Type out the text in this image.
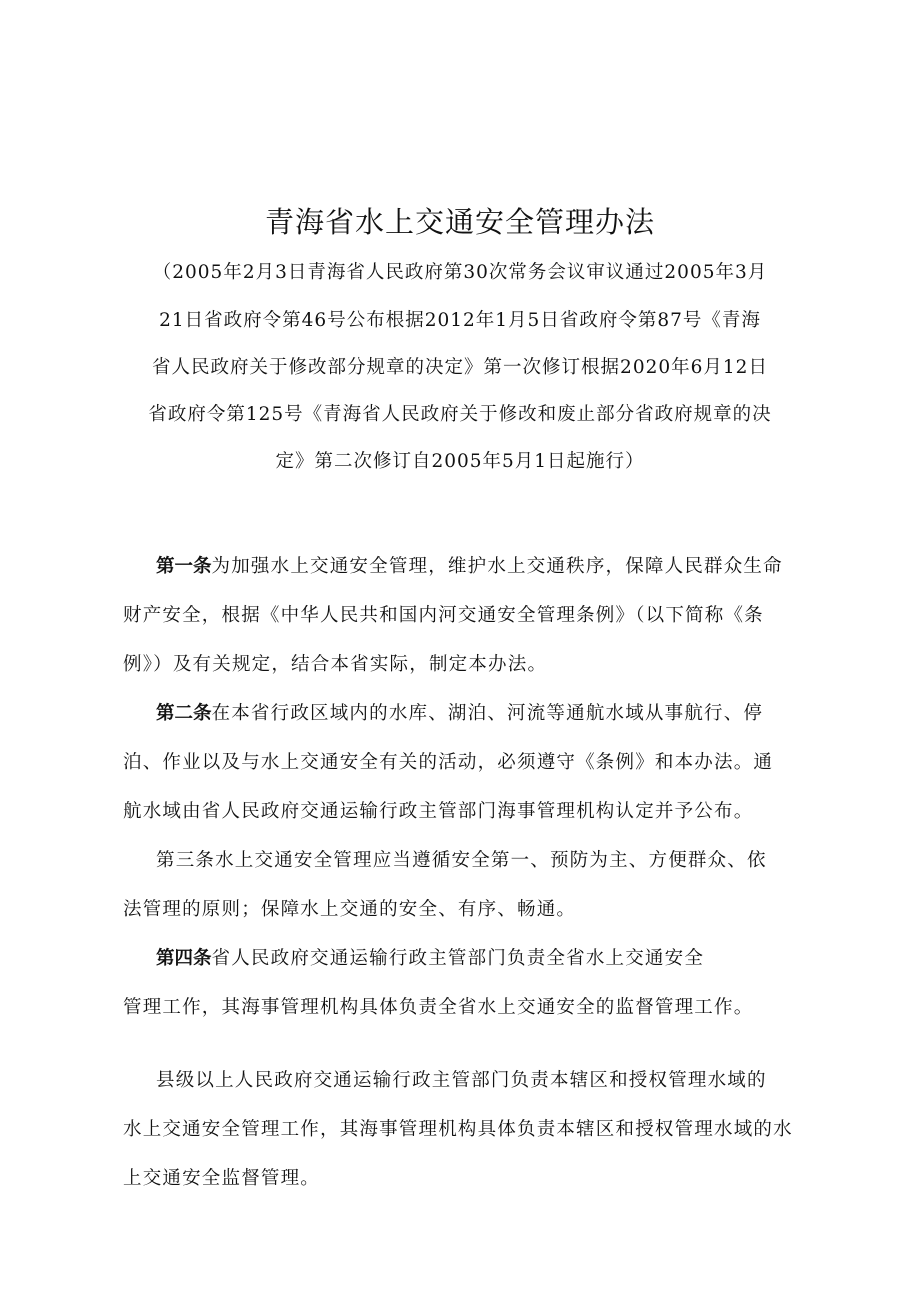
青海省水上交通安全管理办法
（2005年2月3日青海省人民政府第30次常务会议审议通过2005年3月
21日省政府令第46号公布根据2012年1月5日省政府令第87号《青海
省人民政府关于修改部分规章的决定》第一次修订根据2020年6月12日
省政府令第125号《青海省人民政府关于修改和废止部分省政府规章的决
定》第二次修订自2005年5月1日起施行）
第一条为加强水上交通安全管理，维护水上交通秩序，保障人民群众生命
财产安全，根据《中华人民共和国内河交通安全管理条例》（以下简称《条
例》）及有关规定，结合本省实际，制定本办法。
第二条在本省行政区域内的水库、湖泊、河流等通航水域从事航行、停
泊、作业以及与水上交通安全有关的活动，必须遵守《条例》和本办法。通
航水域由省人民政府交通运输行政主管部门海事管理机构认定并予公布。
第三条水上交通安全管理应当遵循安全第一、预防为主、方便群众、依
法管理的原则；保障水上交通的安全、有序、畅通。
第四条省人民政府交通运输行政主管部门负责全省水上交通安全
管理工作，其海事管理机构具体负责全省水上交通安全的监督管理工作。
县级以上人民政府交通运输行政主管部门负责本辖区和授权管理水域的
水上交通安全管理工作，其海事管理机构具体负责本辖区和授权管理水域的水
上交通安全监督管理。
